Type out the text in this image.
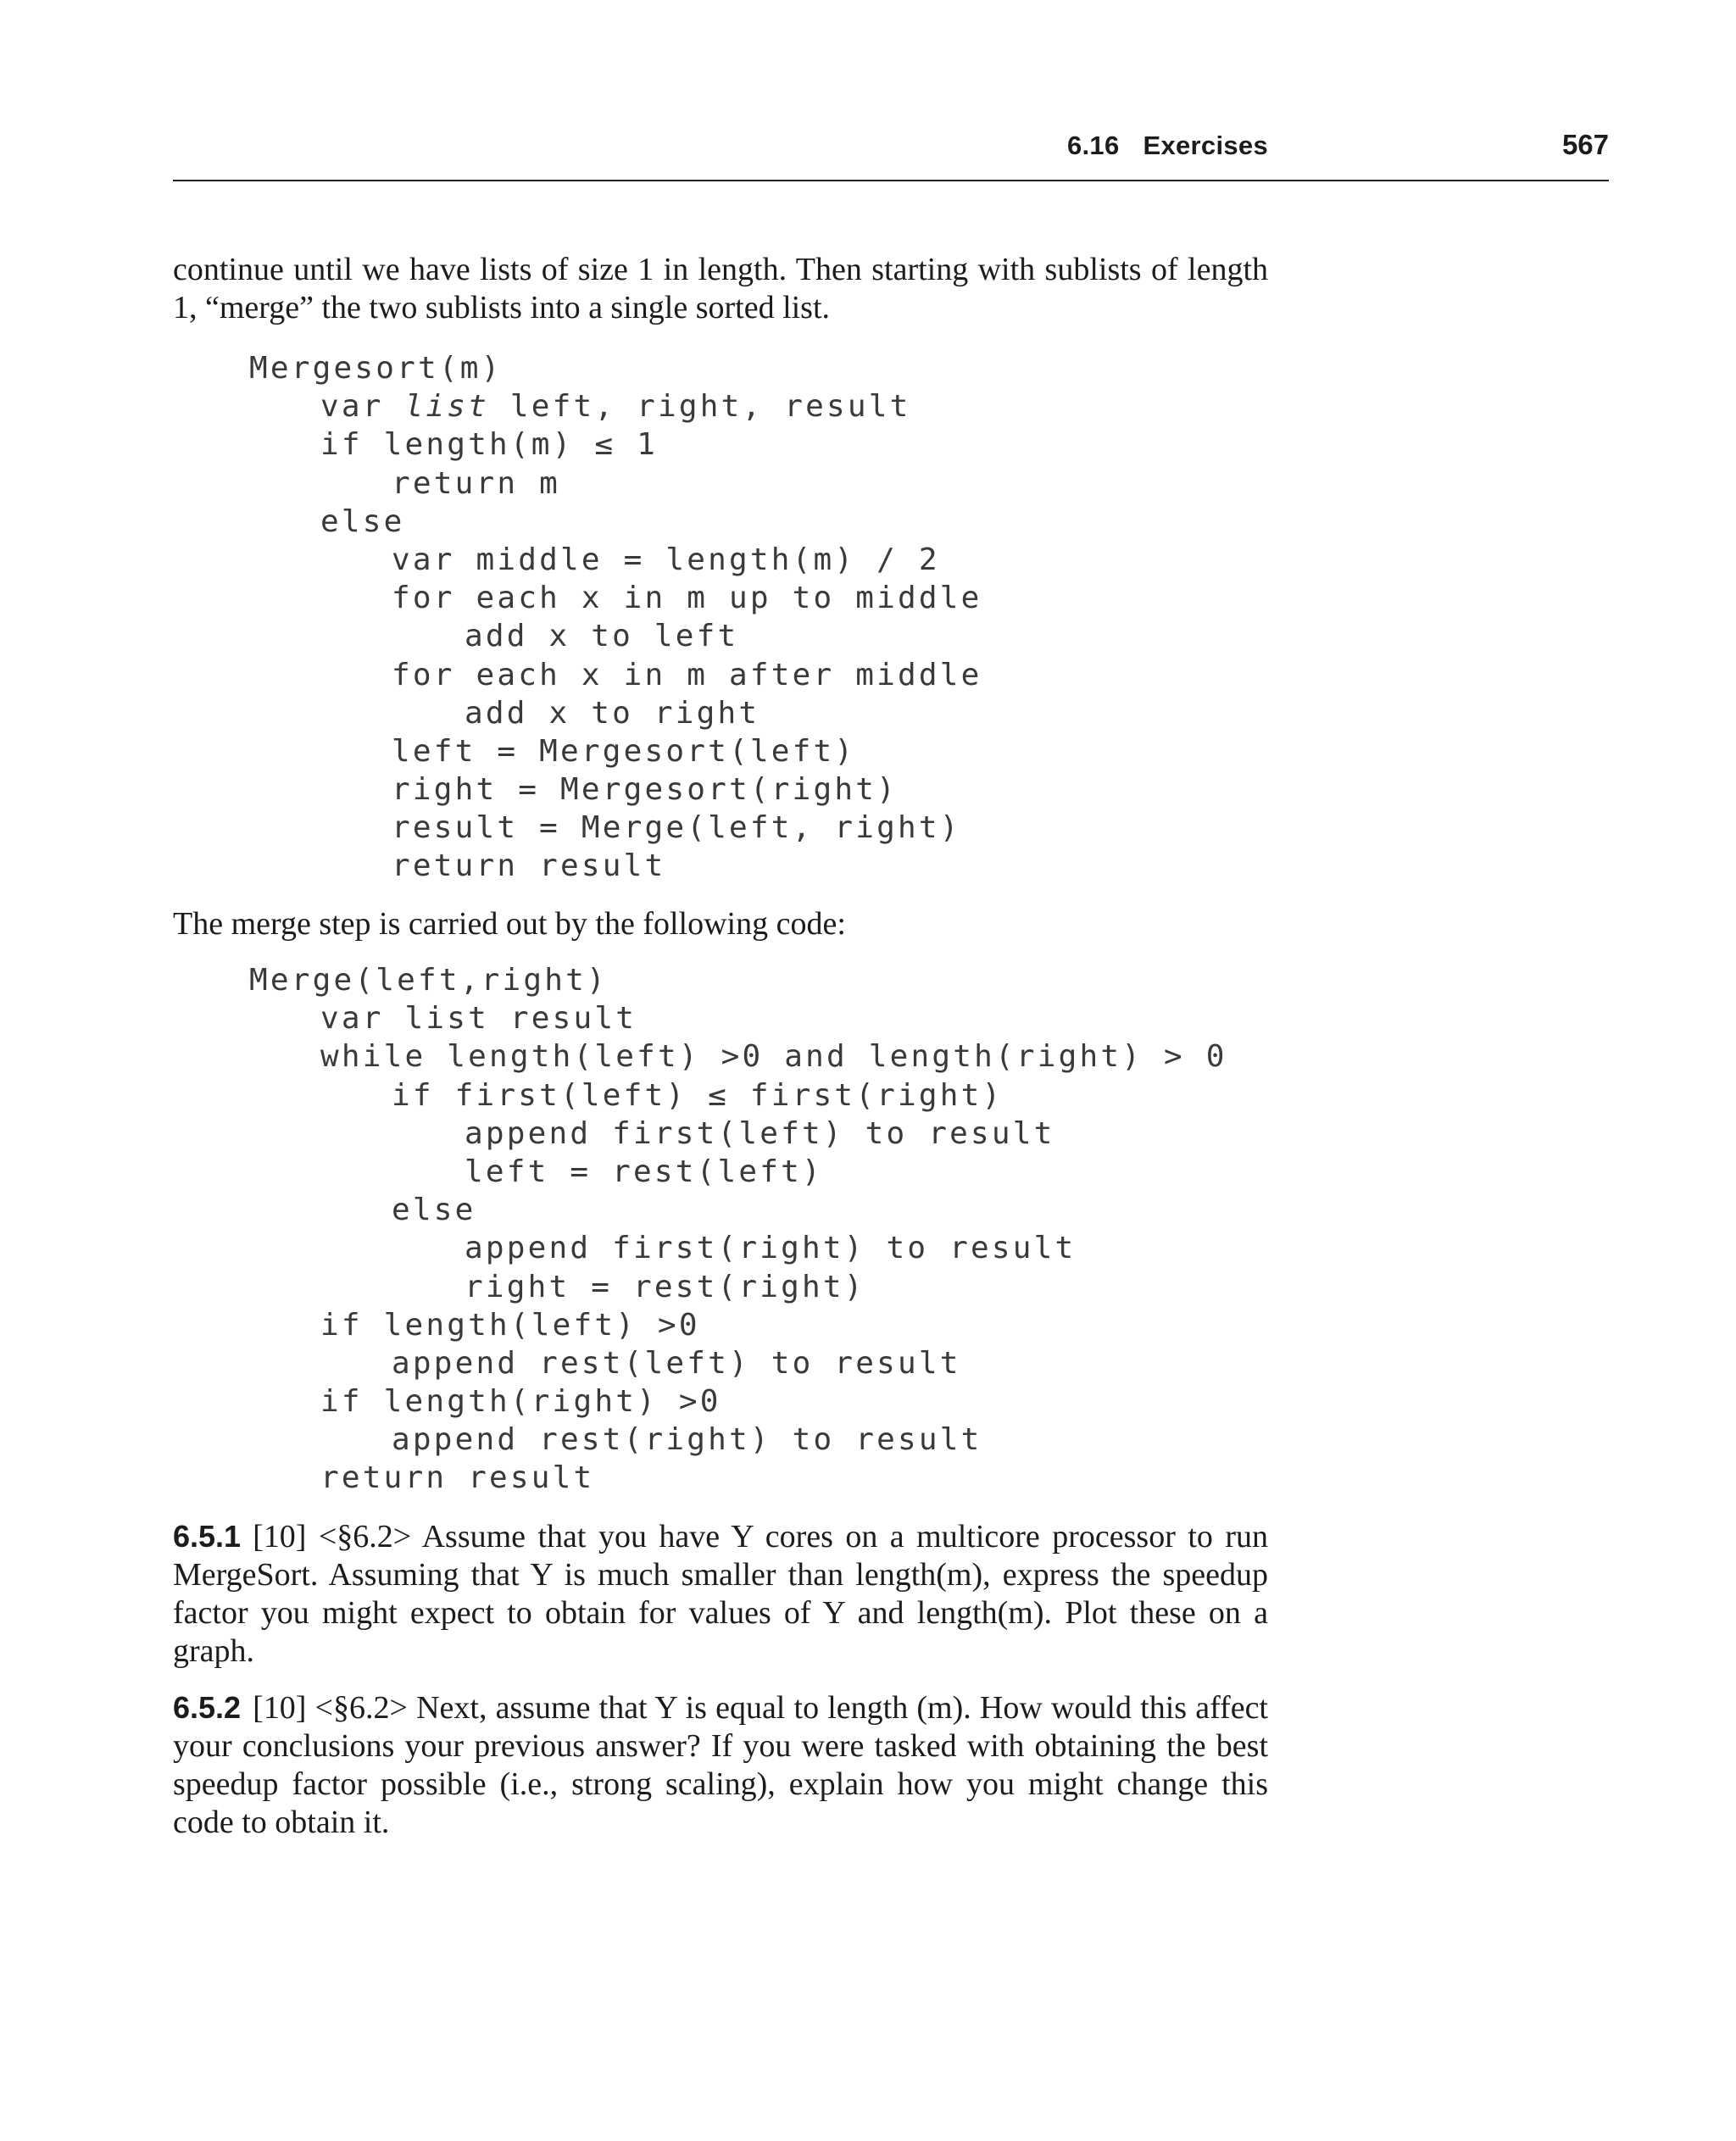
6.16 Exercises	567

continue until we have lists of size 1 in length. Then starting with sublists of length 1, “merge” the two sublists into a single sorted list.

Mergesort(m)
var list left, right, result
if length(m) ≤ 1
return m
else
var middle = length(m) / 2
for each x in m up to middle
add x to left
for each x in m after middle
add x to right
left = Mergesort(left)
right = Mergesort(right)
result = Merge(left, right)
return result

The merge step is carried out by the following code:

Merge(left,right)
var list result
while length(left) >0 and length(right) > 0
if first(left) ≤ first(right)
append first(left) to result
left = rest(left)
else
append first(right) to result
right = rest(right)
if length(left) >0
append rest(left) to result
if length(right) >0
append rest(right) to result
return result

6.5.1 [10] <§6.2> Assume that you have Y cores on a multicore processor to run MergeSort. Assuming that Y is much smaller than length(m), express the speedup factor you might expect to obtain for values of Y and length(m). Plot these on a graph.

6.5.2 [10] <§6.2> Next, assume that Y is equal to length (m). How would this affect your conclusions your previous answer? If you were tasked with obtaining the best speedup factor possible (i.e., strong scaling), explain how you might change this code to obtain it.
